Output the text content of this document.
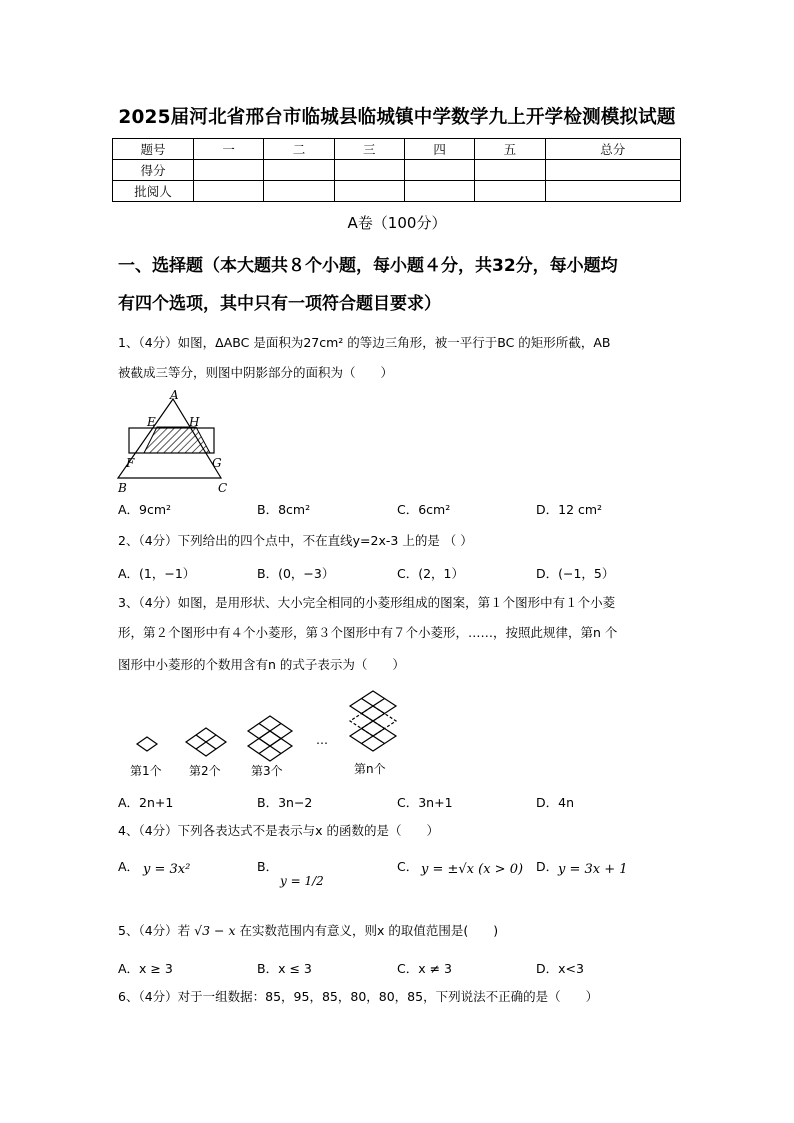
2025届河北省邢台市临城县临城镇中学数学九上开学检测模拟试题
题号	一	二	三	四	五	总分
得分						
批阅人						
A卷（100分）
一、选择题（本大题共８个小题，每小题４分，共32分，每小题均
有四个选项，其中只有一项符合题目要求）
1、（4分）如图，ΔABC 是面积为27cm² 的等边三角形，被一平行于BC 的矩形所截，AB
被截成三等分，则图中阴影部分的面积为（　　）
A
E	H
F	G
B	C
A．9cm²	B．8cm²	C．6cm²	D．12 cm²
2、（4分）下列给出的四个点中，不在直线y=2x-3 上的是 （ ）
A．(1，−1）	B．(0，−3）	C．(2，1）	D．(−1，5）
3、（4分）如图，是用形状、大小完全相同的小菱形组成的图案，第１个图形中有１个小菱
形，第２个图形中有４个小菱形，第３个图形中有７个小菱形，……，按照此规律，第n 个
图形中小菱形的个数用含有n 的式子表示为（　　）
第1个 第2个	第3个
…
第n个
A．2n+1	B．3n−2	C．3n+1	D．4n
4、（4分）下列各表达式不是表示与x 的函数的是（　　）
A． y = 3x²	B．
y = 1/2
C． y = ±√x (x > 0) D． y = 3x + 1
5、（4分）若 √3 − x 在实数范围内有意义，则x 的取值范围是(　　)
A．x ≥ 3	B．x ≤ 3	C．x ≠ 3	D．x<3
6、（4分）对于一组数据：85，95，85，80，80，85，下列说法不正确的是（　　）
